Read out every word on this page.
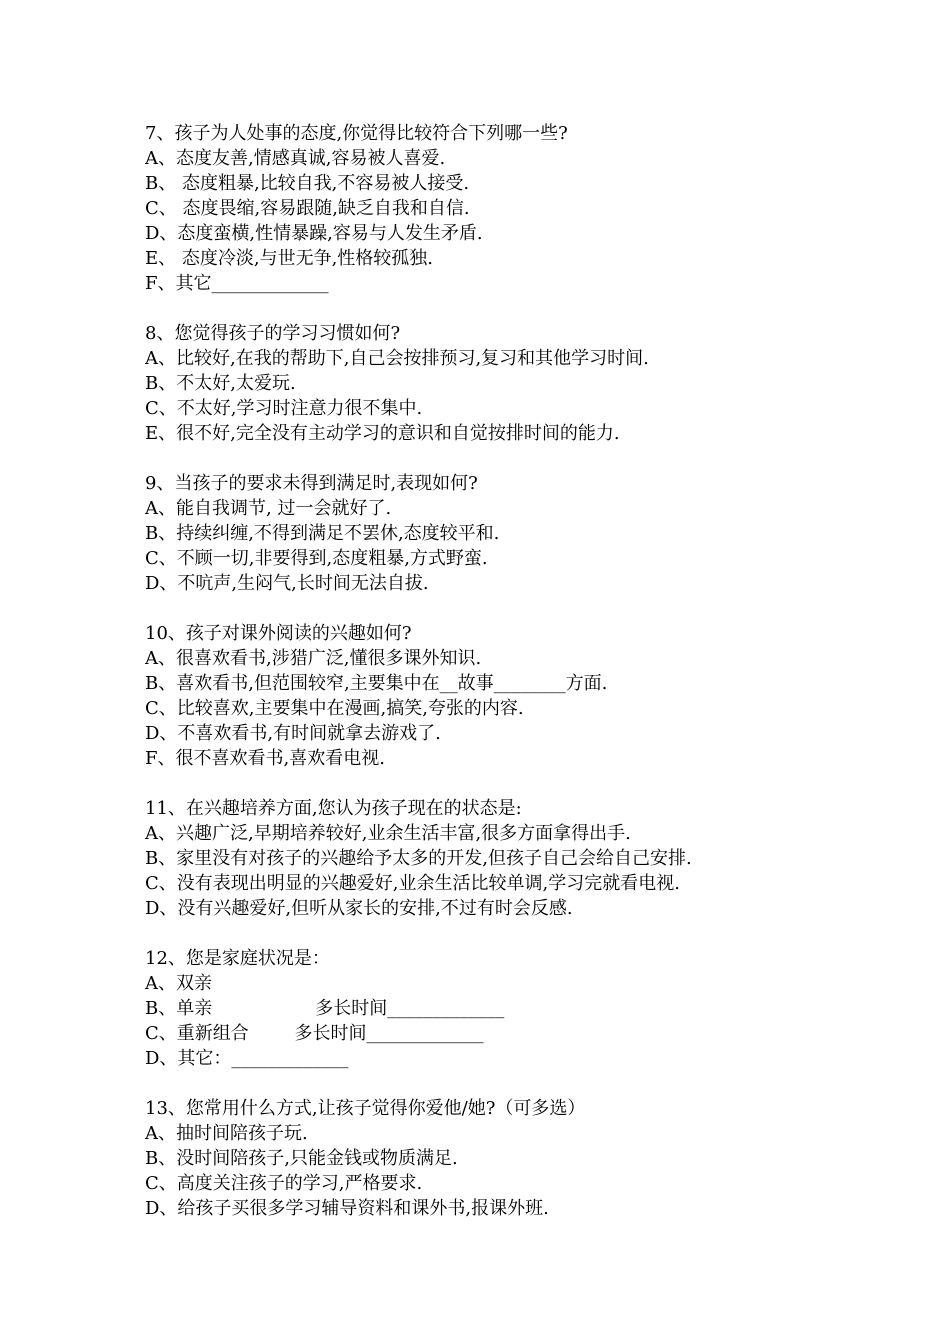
7、孩子为人处事的态度,你觉得比较符合下列哪一些?
A、态度友善,情感真诚,容易被人喜爱.
B、 态度粗暴,比较自我,不容易被人接受.
C、 态度畏缩,容易跟随,缺乏自我和自信.
D、态度蛮横,性情暴躁,容易与人发生矛盾.
E、 态度冷淡,与世无争,性格较孤独.
F、其它_____________
8、您觉得孩子的学习习惯如何?
A、比较好,在我的帮助下,自己会按排预习,复习和其他学习时间.
B、不太好,太爱玩.
C、不太好,学习时注意力很不集中.
E、很不好,完全没有主动学习的意识和自觉按排时间的能力.
9、当孩子的要求未得到满足时,表现如何?
A、能自我调节, 过一会就好了.
B、持续纠缠,不得到满足不罢休,态度较平和.
C、不顾一切,非要得到,态度粗暴,方式野蛮.
D、不吭声,生闷气,长时间无法自拔.
10、孩子对课外阅读的兴趣如何?
A、很喜欢看书,涉猎广泛,懂很多课外知识.
B、喜欢看书,但范围较窄,主要集中在__故事________方面.
C、比较喜欢,主要集中在漫画,搞笑,夸张的内容.
D、不喜欢看书,有时间就拿去游戏了.
F、很不喜欢看书,喜欢看电视.
11、在兴趣培养方面,您认为孩子现在的状态是:
A、兴趣广泛,早期培养较好,业余生活丰富,很多方面拿得出手.
B、家里没有对孩子的兴趣给予太多的开发,但孩子自己会给自己安排.
C、没有表现出明显的兴趣爱好,业余生活比较单调,学习完就看电视.
D、没有兴趣爱好,但听从家长的安排,不过有时会反感.
12、您是家庭状况是：
A、双亲
B、单亲                  多长时间_____________
C、重新组合        多长时间_____________
D、其它：_____________
13、您常用什么方式,让孩子觉得你爱他/她?（可多选）
A、抽时间陪孩子玩.
B、没时间陪孩子,只能金钱或物质满足.
C、高度关注孩子的学习,严格要求.
D、给孩子买很多学习辅导资料和课外书,报课外班.
